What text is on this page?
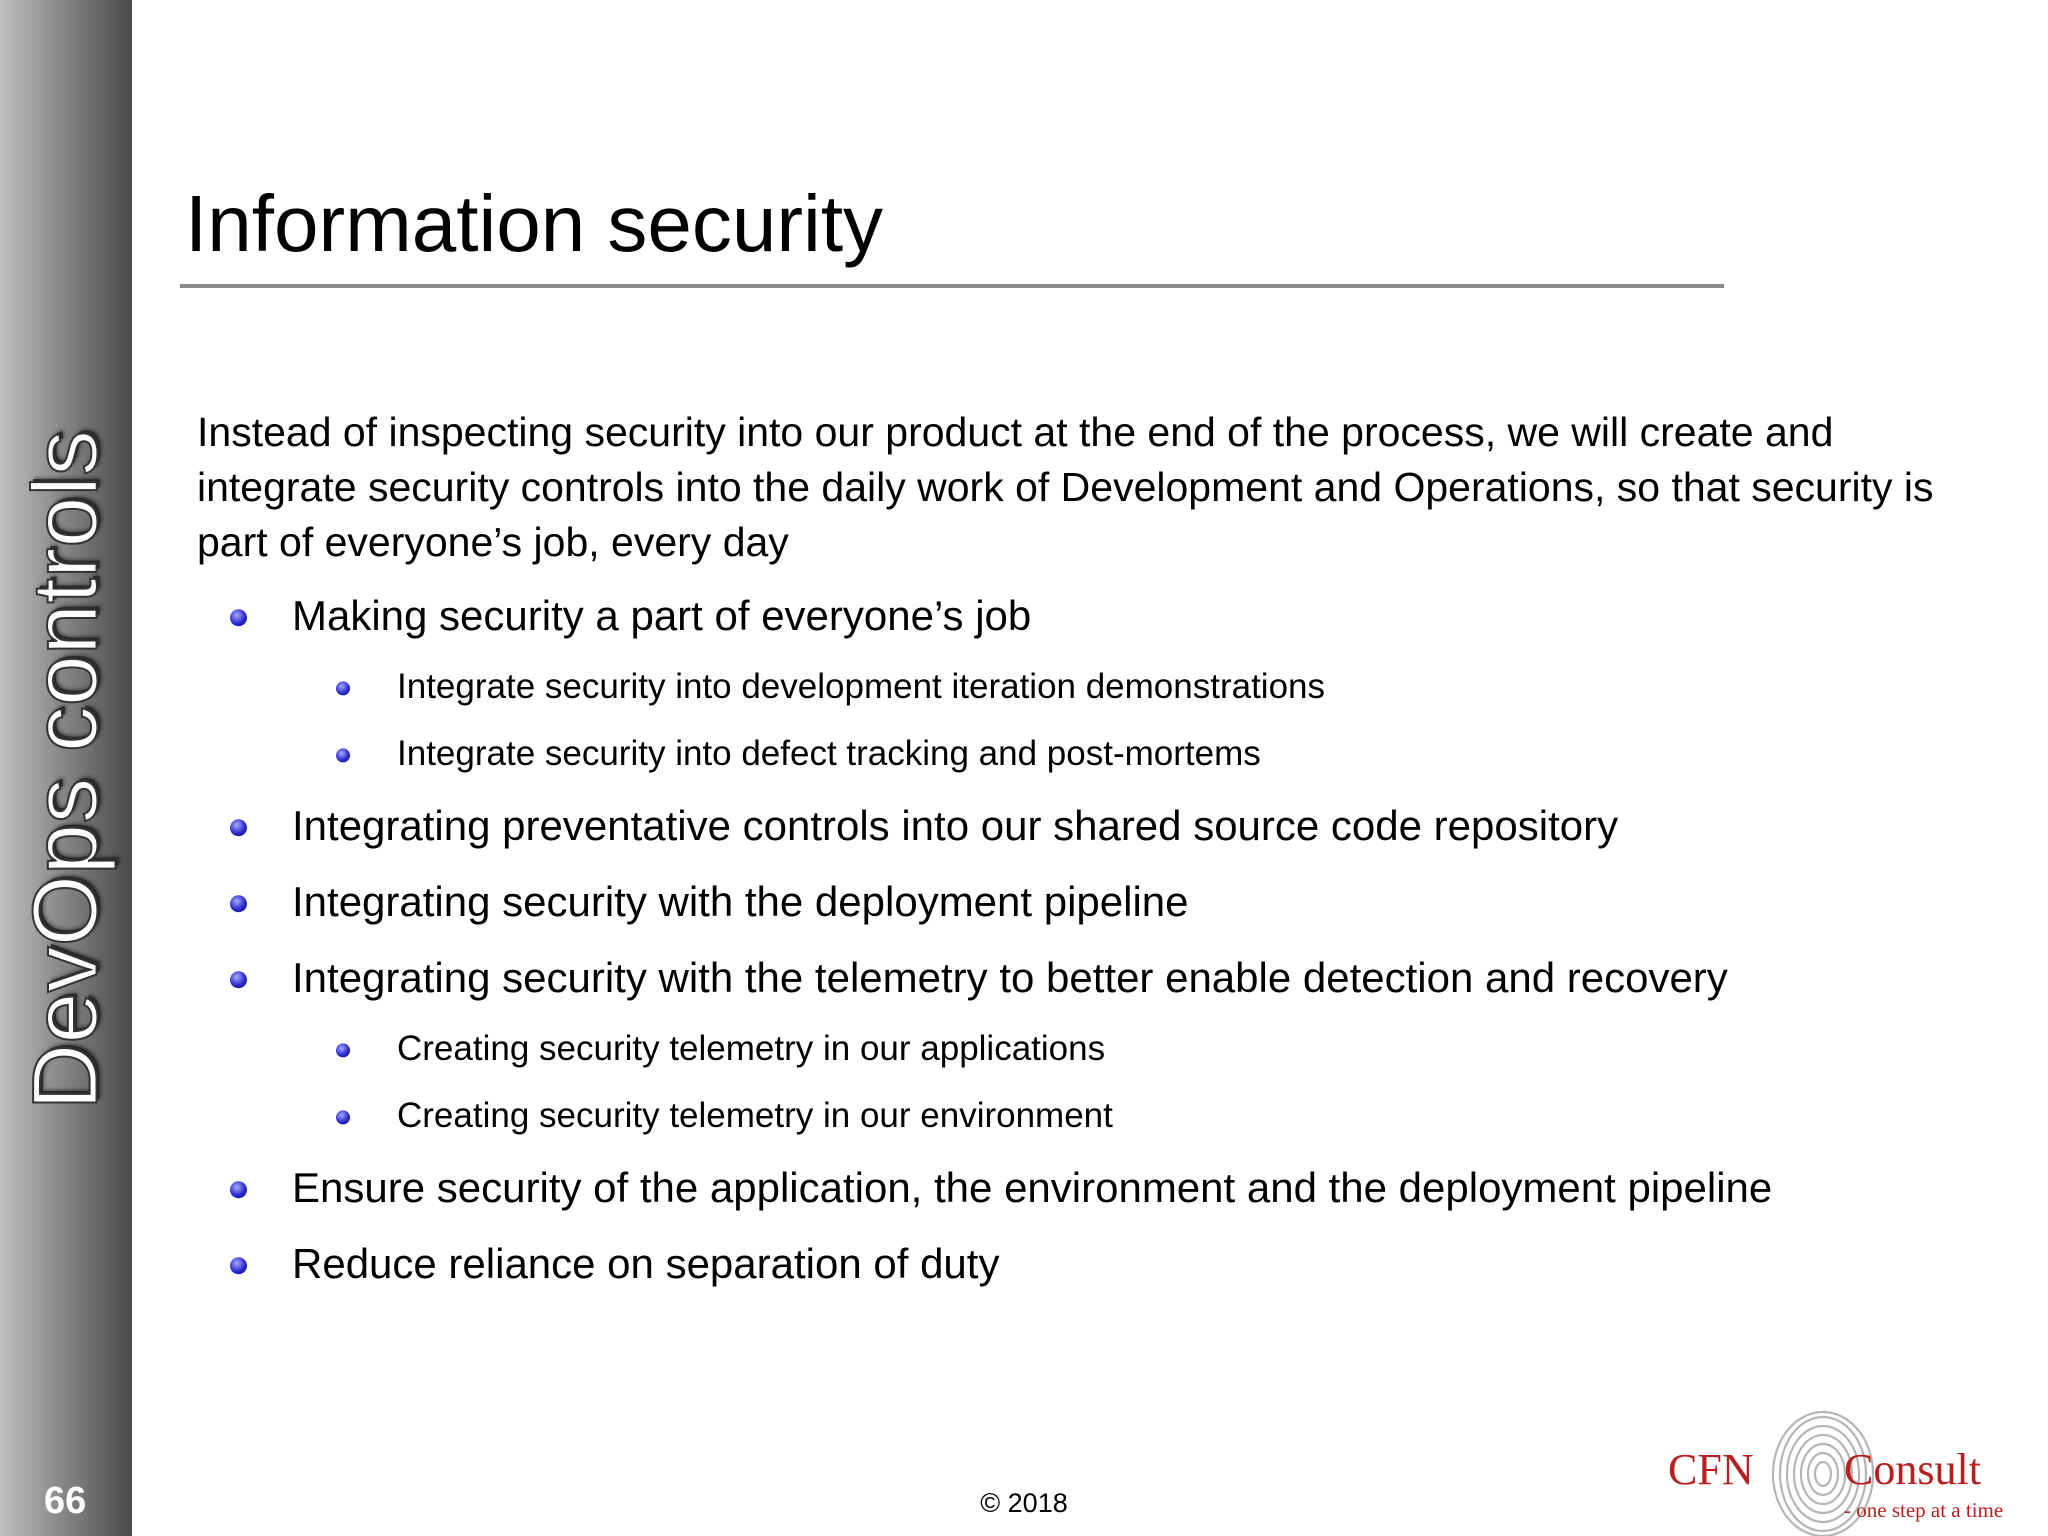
DevOps controls
66
Information security

Instead of inspecting security into our product at the end of the process, we will create and integrate security controls into the daily work of Development and Operations, so that security is part of everyone’s job, every day

Making security a part of everyone’s job
Integrate security into development iteration demonstrations
Integrate security into defect tracking and post-mortems
Integrating preventative controls into our shared source code repository
Integrating security with the deployment pipeline
Integrating security with the telemetry to better enable detection and recovery
Creating security telemetry in our applications
Creating security telemetry in our environment
Ensure security of the application, the environment and the deployment pipeline
Reduce reliance on separation of duty
© 2018
CFN Consult
- one step at a time
